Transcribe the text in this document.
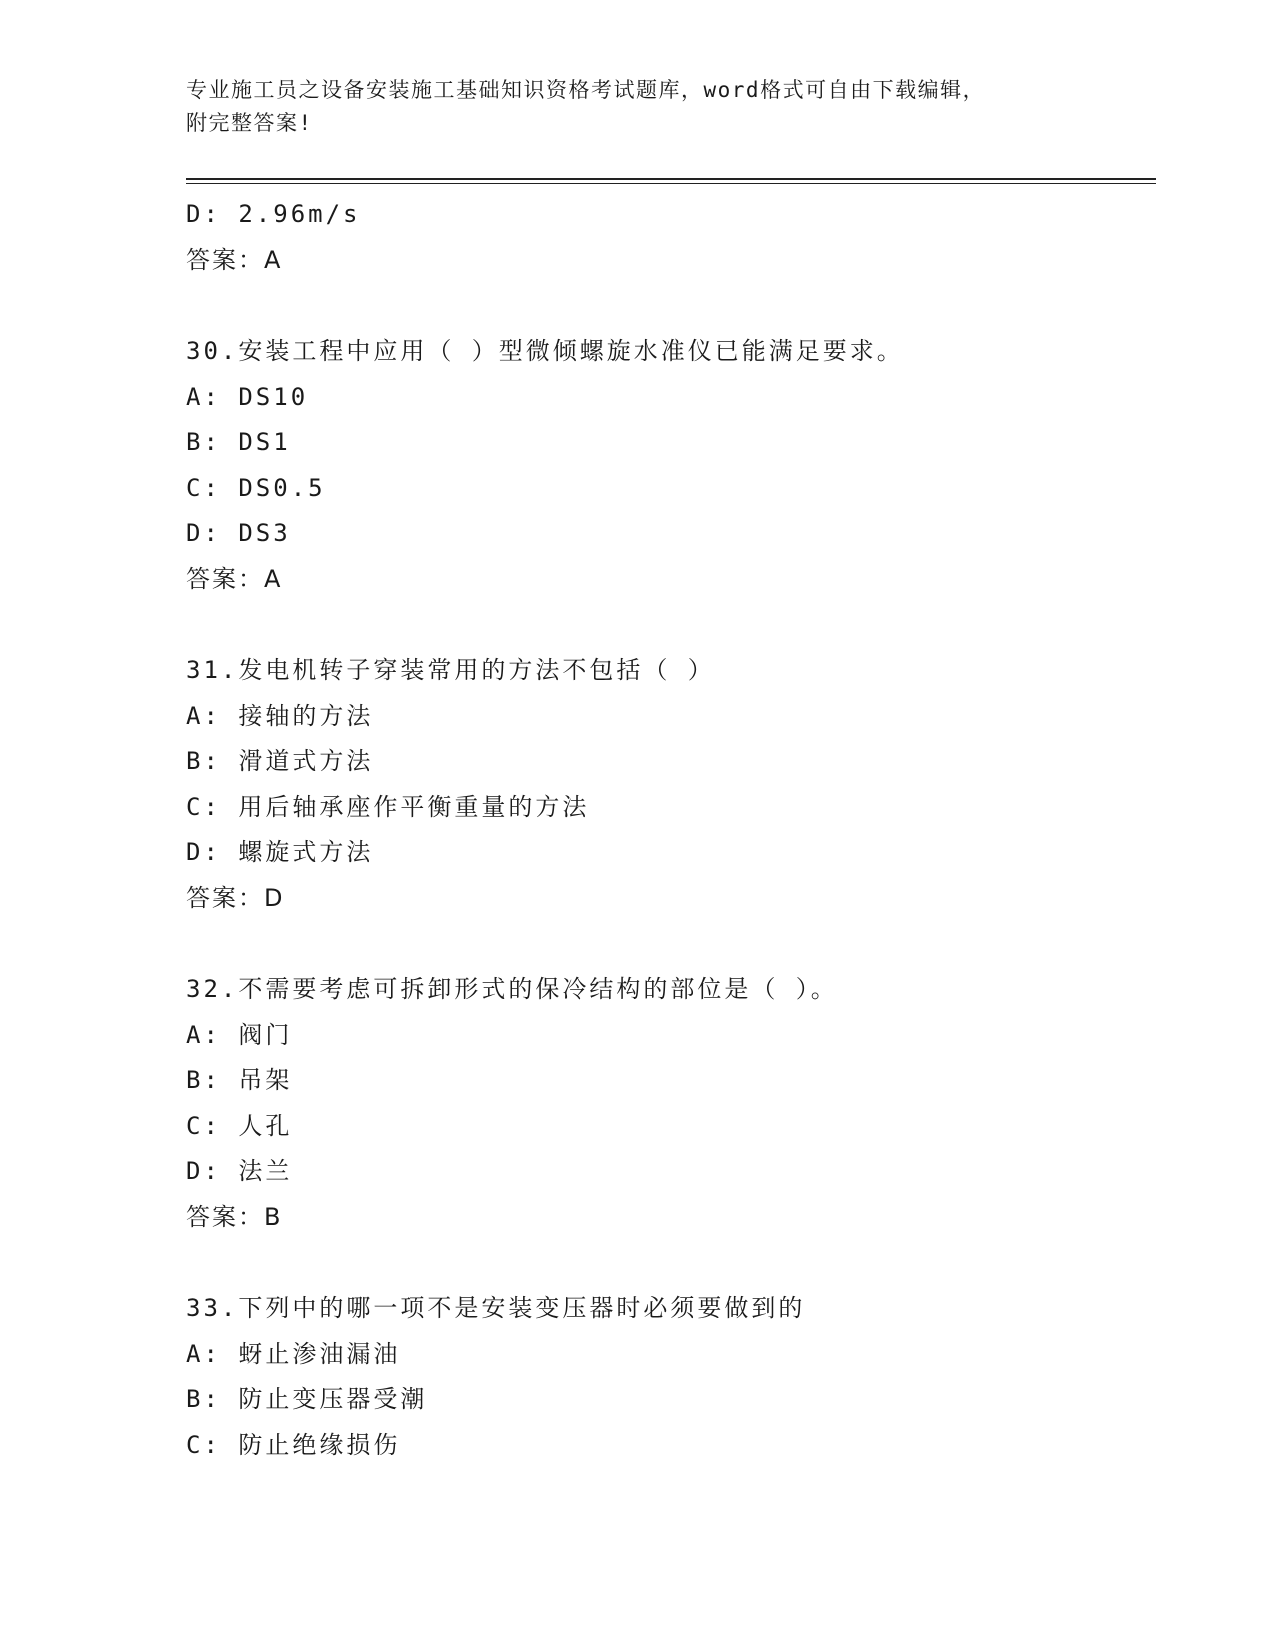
专业施工员之设备安装施工基础知识资格考试题库，word格式可自由下载编辑，
附完整答案!
D: 2.96m/s
答案：A
30.安装工程中应用（ ）型微倾螺旋水准仪已能满足要求。
A: DS10
B: DS1
C: DS0.5
D: DS3
答案：A
31.发电机转子穿装常用的方法不包括（ ）
A: 接轴的方法
B: 滑道式方法
C: 用后轴承座作平衡重量的方法
D: 螺旋式方法
答案：D
32.不需要考虑可拆卸形式的保冷结构的部位是（ ）。
A: 阀门
B: 吊架
C: 人孔
D: 法兰
答案：B
33.下列中的哪一项不是安装变压器时必须要做到的
A: 蚜止渗油漏油
B: 防止变压器受潮
C: 防止绝缘损伤
